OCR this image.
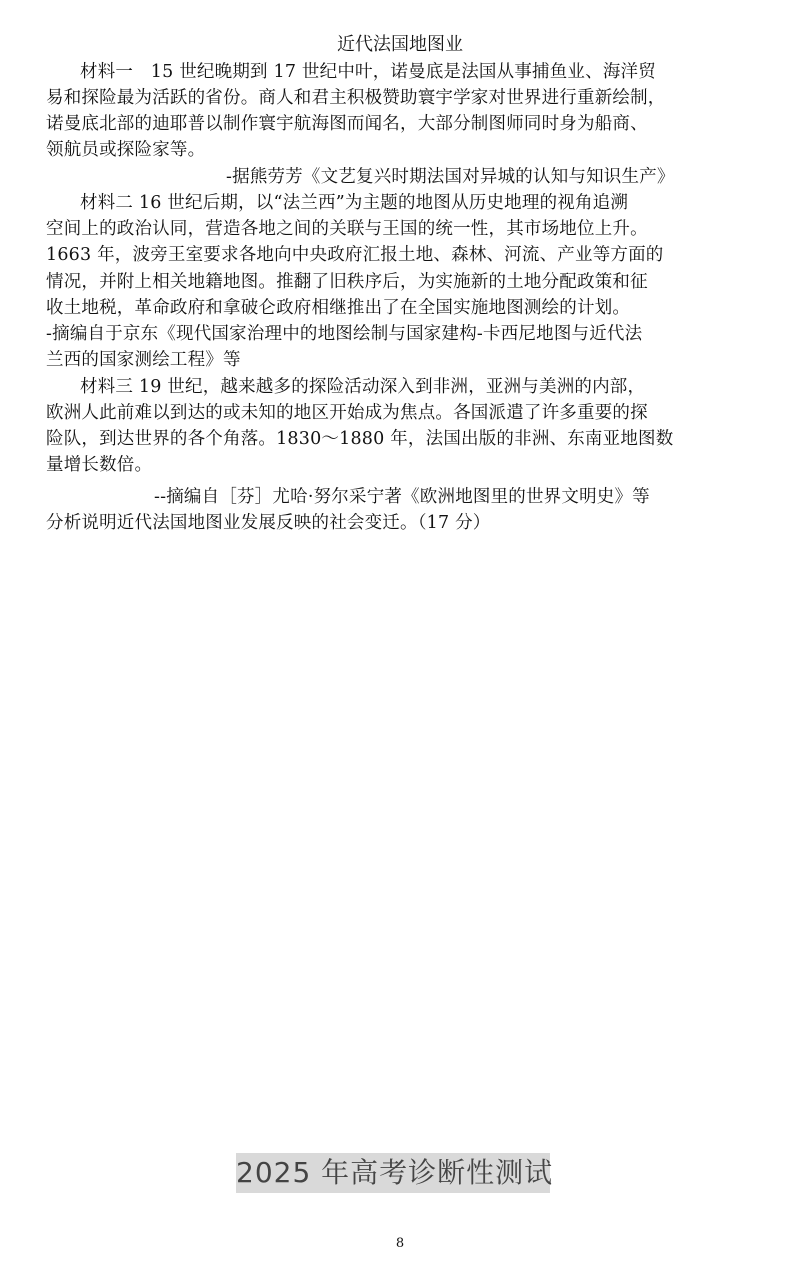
近代法国地图业
材料一　15 世纪晚期到 17 世纪中叶，诺曼底是法国从事捕鱼业、海洋贸
易和探险最为活跃的省份。商人和君主积极赞助寰宇学家对世界进行重新绘制，
诺曼底北部的迪耶普以制作寰宇航海图而闻名，大部分制图师同时身为船商、
领航员或探险家等。
-据熊劳芳《文艺复兴时期法国对异城的认知与知识生产》
材料二 16 世纪后期，以“法兰西”为主题的地图从历史地理的视角追溯
空间上的政治认同，营造各地之间的关联与王国的统一性，其市场地位上升。
1663 年，波旁王室要求各地向中央政府汇报土地、森林、河流、产业等方面的
情况，并附上相关地籍地图。推翻了旧秩序后，为实施新的土地分配政策和征
收土地税，革命政府和拿破仑政府相继推出了在全国实施地图测绘的计划。
-摘编自于京东《现代国家治理中的地图绘制与国家建构-卡西尼地图与近代法
兰西的国家测绘工程》等
材料三 19 世纪，越来越多的探险活动深入到非洲，亚洲与美洲的内部，
欧洲人此前难以到达的或未知的地区开始成为焦点。各国派遣了许多重要的探
险队，到达世界的各个角落。1830～1880 年，法国出版的非洲、东南亚地图数
量增长数倍。
--摘编自［芬］尤哈·努尔采宁著《欧洲地图里的世界文明史》等
分析说明近代法国地图业发展反映的社会变迁。（17 分）
2025 年高考诊断性测试
8
